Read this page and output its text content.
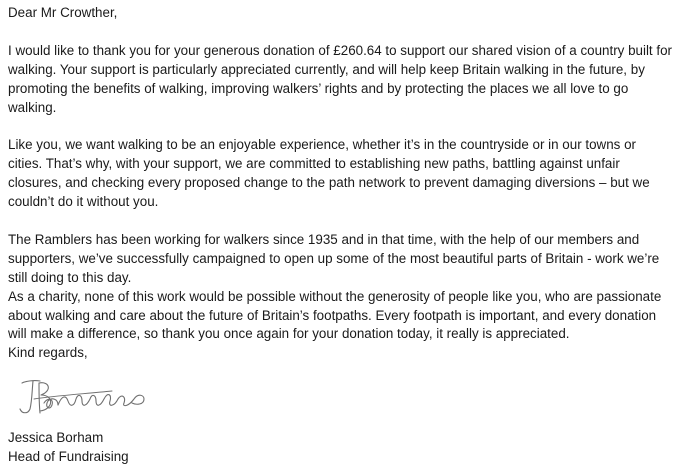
Dear Mr Crowther,
I would like to thank you for your generous donation of £260.64 to support our shared vision of a country built for
walking. Your support is particularly appreciated currently, and will help keep Britain walking in the future, by
promoting the benefits of walking, improving walkers’ rights and by protecting the places we all love to go
walking.
Like you, we want walking to be an enjoyable experience, whether it’s in the countryside or in our towns or
cities. That’s why, with your support, we are committed to establishing new paths, battling against unfair
closures, and checking every proposed change to the path network to prevent damaging diversions – but we
couldn’t do it without you.
The Ramblers has been working for walkers since 1935 and in that time, with the help of our members and
supporters, we’ve successfully campaigned to open up some of the most beautiful parts of Britain - work we’re
still doing to this day.
As a charity, none of this work would be possible without the generosity of people like you, who are passionate
about walking and care about the future of Britain’s footpaths. Every footpath is important, and every donation
will make a difference, so thank you once again for your donation today, it really is appreciated.
Kind regards,
Jessica Borham
Head of Fundraising
